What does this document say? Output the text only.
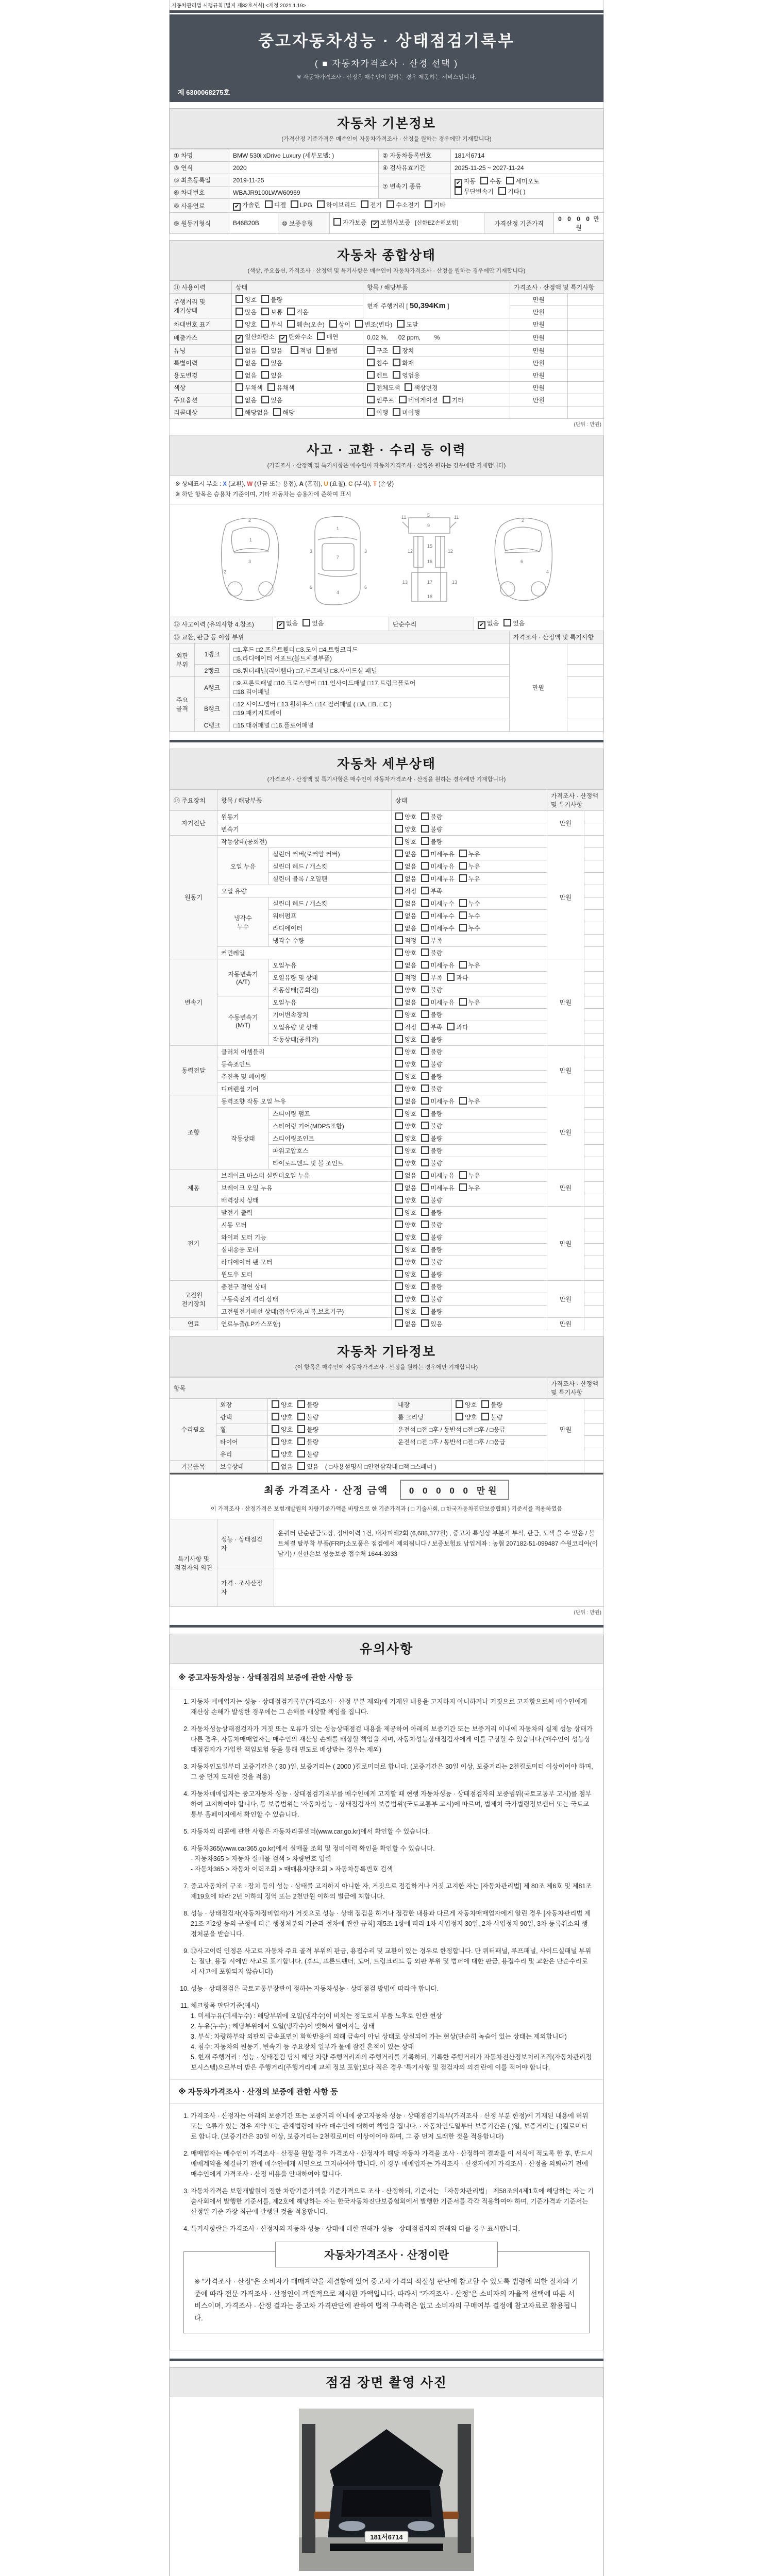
자동차관리법 시행규칙 [별지 제82호서식] <개정 2021.1.19>
중고자동차성능 · 상태점검기록부
( ■ 자동차가격조사 · 산정 선택 )
※ 자동차가격조사 · 산정은 매수인이 원하는 경우 제공하는 서비스입니다.
제 6300068275호
자동차 기본정보
(가격산정 기준가격은 매수인이 자동차가격조사 · 산정을 원하는 경우에만 기재합니다)
① 차명	BMW 530i xDrive Luxury (세부모델: )	② 자동차등록번호	181서6714
③ 연식	2020	④ 검사유효기간	2025-11-25 ~ 2027-11-24
⑤ 최초등록일	2019-11-25	⑦ 변속기 종류	✔ 자동 수동 세미오토
무단변속기 기타( )
⑥ 차대번호	WBAJR9100LWW60969		
⑧ 사용연료	✔ 가솔린 디젤 LPG 하이브리드 전기 수소전기 기타		
⑨ 원동기형식	B46B20B	⑩ 보증유형	자가보증 ✔ 보험사보증 [신한EZ손해보험]	가격산정 기준가격	0 0 0 0 만원
자동차 종합상태
(색상, 주요옵션, 가격조사 · 산정액 및 특기사항은 매수인이 자동차가격조사 · 산정을 원하는 경우에만 기재합니다)
⑪ 사용이력	상태	항목 / 해당부품	가격조사 · 산정액 및 특기사항	
주행거리 및
계기상태	양호 불량	현재 주행거리 [ 50,394Km ]	만원	
	많음 보통 적음		만원	
차대번호 표기	양호 부식 훼손(오손) 상이 변조(변타) 도말		만원	
배출가스	✔ 일산화탄소 ✔ 탄화수소 매연	0.02 %,      02 ppm,        %	만원	
튜닝	없음 있음 적법 불법	구조 장치	만원	
특별이력	없음 있음	침수 화재	만원	
용도변경	없음 있음	렌트 영업용	만원	
색상	무채색 유채색	전체도색 색상변경	만원	
주요옵션	없음 있음	썬루프 네비게이션 기타	만원	
리콜대상	해당없음 해당	이행 미이행		
(단위 : 만원)
사고 · 교환 · 수리 등 이력
(가격조사 · 산정액 및 특기사항은 매수인이 자동차가격조사 · 산정을 원하는 경우에만 기재합니다)
※ 상태표시 부호 : X (교환), W (판금 또는 용접), A (흠집), U (요철), C (부식), T (손상)
※ 하단 항목은 승용차 기준이며, 기타 자동차는 승용차에 준하여 표시
2
1
3
2
1
7
4
3	3
6	6
5
9
11	11
12	12
15
16
17
18
13	13
2
6
4
⑫ 사고이력 (유의사항 4.참조)	✔ 없음 있음	단순수리	✔ 없음 있음
⑬ 교환, 판금 등 이상 부위			가격조사 · 산정액 및 특기사항	
외판
부위	1랭크	□1.후드 □2.프론트휀더 □3.도어 □4.트렁크리드
□5.라디에이터 서포트(볼트체결부품)	만원	
	2랭크	□6.쿼터패널(리어휀다) □7.루프패널 □8.사이드실 패널		
주요
골격	A랭크	□9.프론트패널 □10.크로스멤버 □11.인사이드패널 □17.트렁크플로어
□18.리어패널		
	B랭크	□12.사이드멤버 □13.휠하우스 □14.필러패널 ( □A, □B, □C )
□19.패키지트레이		
	C랭크	□15.대쉬패널 □16.플로어패널		
자동차 세부상태
(가격조사 · 산정액 및 특기사항은 매수인이 자동차가격조사 · 산정을 원하는 경우에만 기재합니다)
⑭ 주요장치	항목 / 해당부품		상태	가격조사 · 산정액 및 특기사항	
자기진단	원동기		양호 불량	만원	
	변속기		양호 불량		
원동기	작동상태(공회전)		양호 불량	만원	
	오일 누유	실린더 커버(로커암 커버)	없음 미세누유 누유		
		실린더 헤드 / 개스킷	없음 미세누유 누유		
		실린더 블록 / 오일팬	없음 미세누유 누유		
	오일 유량		적정 부족		
	냉각수
누수	실린더 헤드 / 개스킷	없음 미세누수 누수		
		워터펌프	없음 미세누수 누수		
		라디에이터	없음 미세누수 누수		
		냉각수 수량	적정 부족		
	커먼레일		양호 불량		
변속기	자동변속기
(A/T)	오일누유	없음 미세누유 누유	만원	
		오일유량 및 상태	적정 부족 과다		
		작동상태(공회전)	양호 불량		
	수동변속기
(M/T)	오일누유	없음 미세누유 누유		
		기어변속장치	양호 불량		
		오일유량 및 상태	적정 부족 과다		
		작동상태(공회전)	양호 불량		
동력전달	클러치 어셈블리		양호 불량	만원	
	등속죠인트		양호 불량		
	추진축 및 베어링		양호 불량		
	디퍼렌셜 기어		양호 불량		
조향	동력조향 작동 오일 누유		없음 미세누유 누유	만원	
	작동상태	스티어링 펌프	양호 불량		
		스티어링 기어(MDPS포함)	양호 불량		
		스티어링조인트	양호 불량		
		파워고압호스	양호 불량		
		타이로드엔드 및 볼 조인트	양호 불량		
제동	브레이크 마스터 실린더오일 누유		없음 미세누유 누유	만원	
	브레이크 오일 누유		없음 미세누유 누유		
	배력장치 상태		양호 불량		
전기	발전기 출력		양호 불량	만원	
	시동 모터		양호 불량		
	와이퍼 모터 기능		양호 불량		
	실내송풍 모터		양호 불량		
	라디에이터 팬 모터		양호 불량		
	윈도우 모터		양호 불량		
고전원
전기장치	충전구 절연 상태		양호 불량	만원	
	구동축전지 격리 상태		양호 불량		
	고전원전기배선 상태(접속단자,피복,보호기구)		양호 불량		
연료	연료누출(LP가스포함)		없음 있음	만원	
자동차 기타정보
(이 항목은 매수인이 자동차가격조사 · 산정을 원하는 경우에만 기재합니다)
항목					가격조사 · 산정액 및 특기사항	
수리필요	외장	양호 불량	내장	양호 불량	만원	
	광택	양호 불량	룸 크리닝	양호 불량		
	휠	양호 불량	운전석 □전 □후 / 동반석 □전 □후 / □응급			
	타이어	양호 불량	운전석 □전 □후 / 동반석 □전 □후 / □응급			
	유리	양호 불량				
기본품목	보유상태	없음 있음 ( □사용설명서 □안전삼각대 □잭 □스패너 )				
최종 가격조사 · 산정 금액 0 0 0 0 0 만원
이 가격조사 · 산정가격은 보험개발원의 차량기준가액을 바탕으로 한 기준가격과 ( □ 기술사회, □ 한국자동차진단보증협회 ) 기준서를 적용하였음
특기사항 및
점검자의 의견	성능 · 상태점검
자	운쿼터 단순판금도장, 정비이력 1건, 내차피해2회 (6,688,377원) , 중고차 특성상 부분적 부식, 판금, 도색 을 수 있음 / 볼트체결 탈부착 부품(FRP)소모품은 점검에서 제외됩니다 / 보증보험료 납입계좌 : 농협 207182-51-099487 수원코리아(이남기) / 신한손보 성능보증 접수처 1644-3933
	가격 · 조사산정
자	
(단위 : 만원)
유의사항
※ 중고자동차성능 · 상태점검의 보증에 관한 사항 등
1. 자동차 매매업자는 성능 · 상태점검기록부(가격조사 · 산정 부분 제외)에 기재된 내용을 고지하지 아니하거나 거짓으로 고지함으로써 매수인에게 재산상 손해가 발생한 경우에는 그 손해를 배상할 책임을 집니다.
2. 자동차성능상태점검자가 거짓 또는 오류가 있는 성능상태점검 내용을 제공하여 아래의 보증기간 또는 보증거리 이내에 자동차의 실제 성능 상태가 다른 경우, 자동차매매업자는 매수인의 재산상 손해를 배상할 책임을 지며, 자동차성능상태점검자에게 이를 구상할 수 있습니다.(매수인이 성능상태점검자가 가입한 책임보험 등을 통해 별도로 배상받는 경우는 제외)
3. 자동차인도일부터 보증기간은 ( 30 )일, 보증거리는 ( 2000 )킬로미터로 합니다. (보증기간은 30일 이상, 보증거리는 2천킬로미터 이상이어야 하며, 그 중 먼저 도래한 것을 적용)
4. 자동차매매업자는 중고자동차 성능 · 상태점검기록부를 매수인에게 고지할 때 현행 자동차성능 · 상태점검자의 보증범위(국토교통부 고시)를 첨부하여 고지하여야 합니다. 동 보증범위는 '자동차성능 · 상태점검자의 보증범위'(국토교통부 고시)에 따르며, 법제처 국가법령정보센터 또는 국토교통부 홈페이지에서 확인할 수 있습니다.
5. 자동차의 리콜에 관한 사항은 자동차리콜센터(www.car.go.kr)에서 확인할 수 있습니다.
6. 자동차365(www.car365.go.kr)에서 실매물 조회 및 정비이력 확인을 확인할 수 있습니다.
- 자동차365 > 자동차 실매물 검색 > 차량번호 입력
- 자동차365 > 자동차 이력조회 > 매매용차량조회 > 자동차등록번호 검색
7. 중고자동차의 구조 · 장치 등의 성능 · 상태를 고지하지 아니한 자, 거짓으로 점검하거나 거짓 고지한 자는 [자동차관리법] 제 80조 제6호 및 제81조 제19호에 따라 2년 이하의 징역 또는 2천만원 이하의 벌금에 처합니다.
8. 성능 · 상태점검자(자동차정비업자)가 거짓으로 성능 · 상태 점검을 하거나 점검한 내용과 다르게 자동차매매업자에게 알린 경우 [자동차관리법 제21조 제2항 등의 규정에 따른 행정처분의 기준과 절차에 관한 규칙] 제5조 1항에 따라 1차 사업정지 30일, 2차 사업정지 90일, 3차 등록취소의 행정처분을 받습니다.
9. ⑫사고이력 인정은 사고로 자동차 주요 골격 부위의 판금, 용접수리 및 교환이 있는 경우로 한정합니다. 단 쿼터패널, 루프패널, 사이드실패널 부위는 절단, 용접 시에만 사고로 표기합니다. (후드, 프론트펜더, 도어, 트렁크리드 등 외판 부위 및 범퍼에 대한 판금, 용접수리 및 교환은 단순수리로서 사고에 포함되지 않습니다)
10. 성능 · 상태점검은 국토교통부장관이 정하는 자동차성능 · 상태점검 방법에 따라야 합니다.
11. 체크항목 판단기준(예시)
1. 미세누유(미세누수) : 해당부위에 오일(냉각수)이 비치는 정도로서 부품 노후로 인한 현상
2. 누유(누수) : 해당부위에서 오일(냉각수)이 맺혀서 떨어지는 상태
3. 부식: 차량하부와 외판의 금속표면이 화학반응에 의해 금속이 아닌 상태로 상실되어 가는 현상(단순히 녹슬어 있는 상태는 제외합니다)
4. 침수: 자동차의 원동기, 변속기 등 주요장치 일부가 물에 잠긴 흔적이 있는 상태
5. 현재 주행거리 : 성능 · 상태점검 당시 해당 차량 주행거리계의 주행거리를 기록하되, 기록한 주행거리가 자동차전산정보처리조직(자동차관리정보시스템)으로부터 받은 주행거리(주행거리계 교체 정보 포함)보다 적은 경우 '특기사항 및 점검자의 의견'란에 이를 적어야 합니다.
※ 자동차가격조사 · 산정의 보증에 관한 사항 등
1. 가격조사 · 산정자는 아래의 보증기간 또는 보증거리 이내에 중고자동차 성능 · 상태점검기록부(가격조사 · 산정 부분 한정)에 기재된 내용에 허위 또는 오류가 있는 경우 계약 또는 관계법령에 따라 매수인에 대하여 책임을 집니다. · 자동차인도일부터 보증기간은 ( )일, 보증거리는 ( )킬로미터로 합니다. (보증기간은 30일 이상, 보증거리는 2천킬로미터 이상이어야 하며, 그 중 먼저 도래한 것을 적용합니다)
2. 매매업자는 매수인이 가격조사 · 산정을 원할 경우 가격조사 · 산정자가 해당 자동차 가격을 조사 · 산정하여 결과를 이 서식에 적도록 한 후, 반드시 매매계약을 체결하기 전에 매수인에게 서면으로 고지하여야 합니다. 이 경우 매매업자는 가격조사 · 산정자에게 가격조사 · 산정을 의뢰하기 전에 매수인에게 가격조사 · 산정 비용을 안내하여야 합니다.
3. 자동차가격은 보험개발원이 정한 차량기준가액을 기준가격으로 조사 · 산정하되, 기준서는 「자동차관리법」 제58조의4제1호에 해당하는 자는 기술사회에서 발행한 기준서를, 제2호에 해당하는 자는 한국자동차진단보증협회에서 발행한 기준서를 각각 적용하여야 하며, 기준가격과 기준서는 산정일 기준 가장 최근에 발행된 것을 적용합니다.
4. 특기사항란은 가격조사 · 산정자의 자동차 성능 · 상태에 대한 견해가 성능 · 상태점검자의 견해와 다를 경우 표시합니다.
자동차가격조사 · 산정이란
※ "가격조사 · 산정"은 소비자가 매매계약을 체결함에 있어 중고차 가격의 적절성 판단에 참고할 수 있도록 법령에 의한 절차와 기준에 따라 전문 가격조사 · 산정인이 객관적으로 제시한 가액입니다. 따라서 "가격조사 · 산정"은 소비자의 자율적 선택에 따른 서비스이며, 가격조사 · 산정 결과는 중고차 가격판단에 관하여 법적 구속력은 없고 소비자의 구매여부 결정에 참고자료로 활용됩니다.
점검 장면 촬영 사진
181서6714
